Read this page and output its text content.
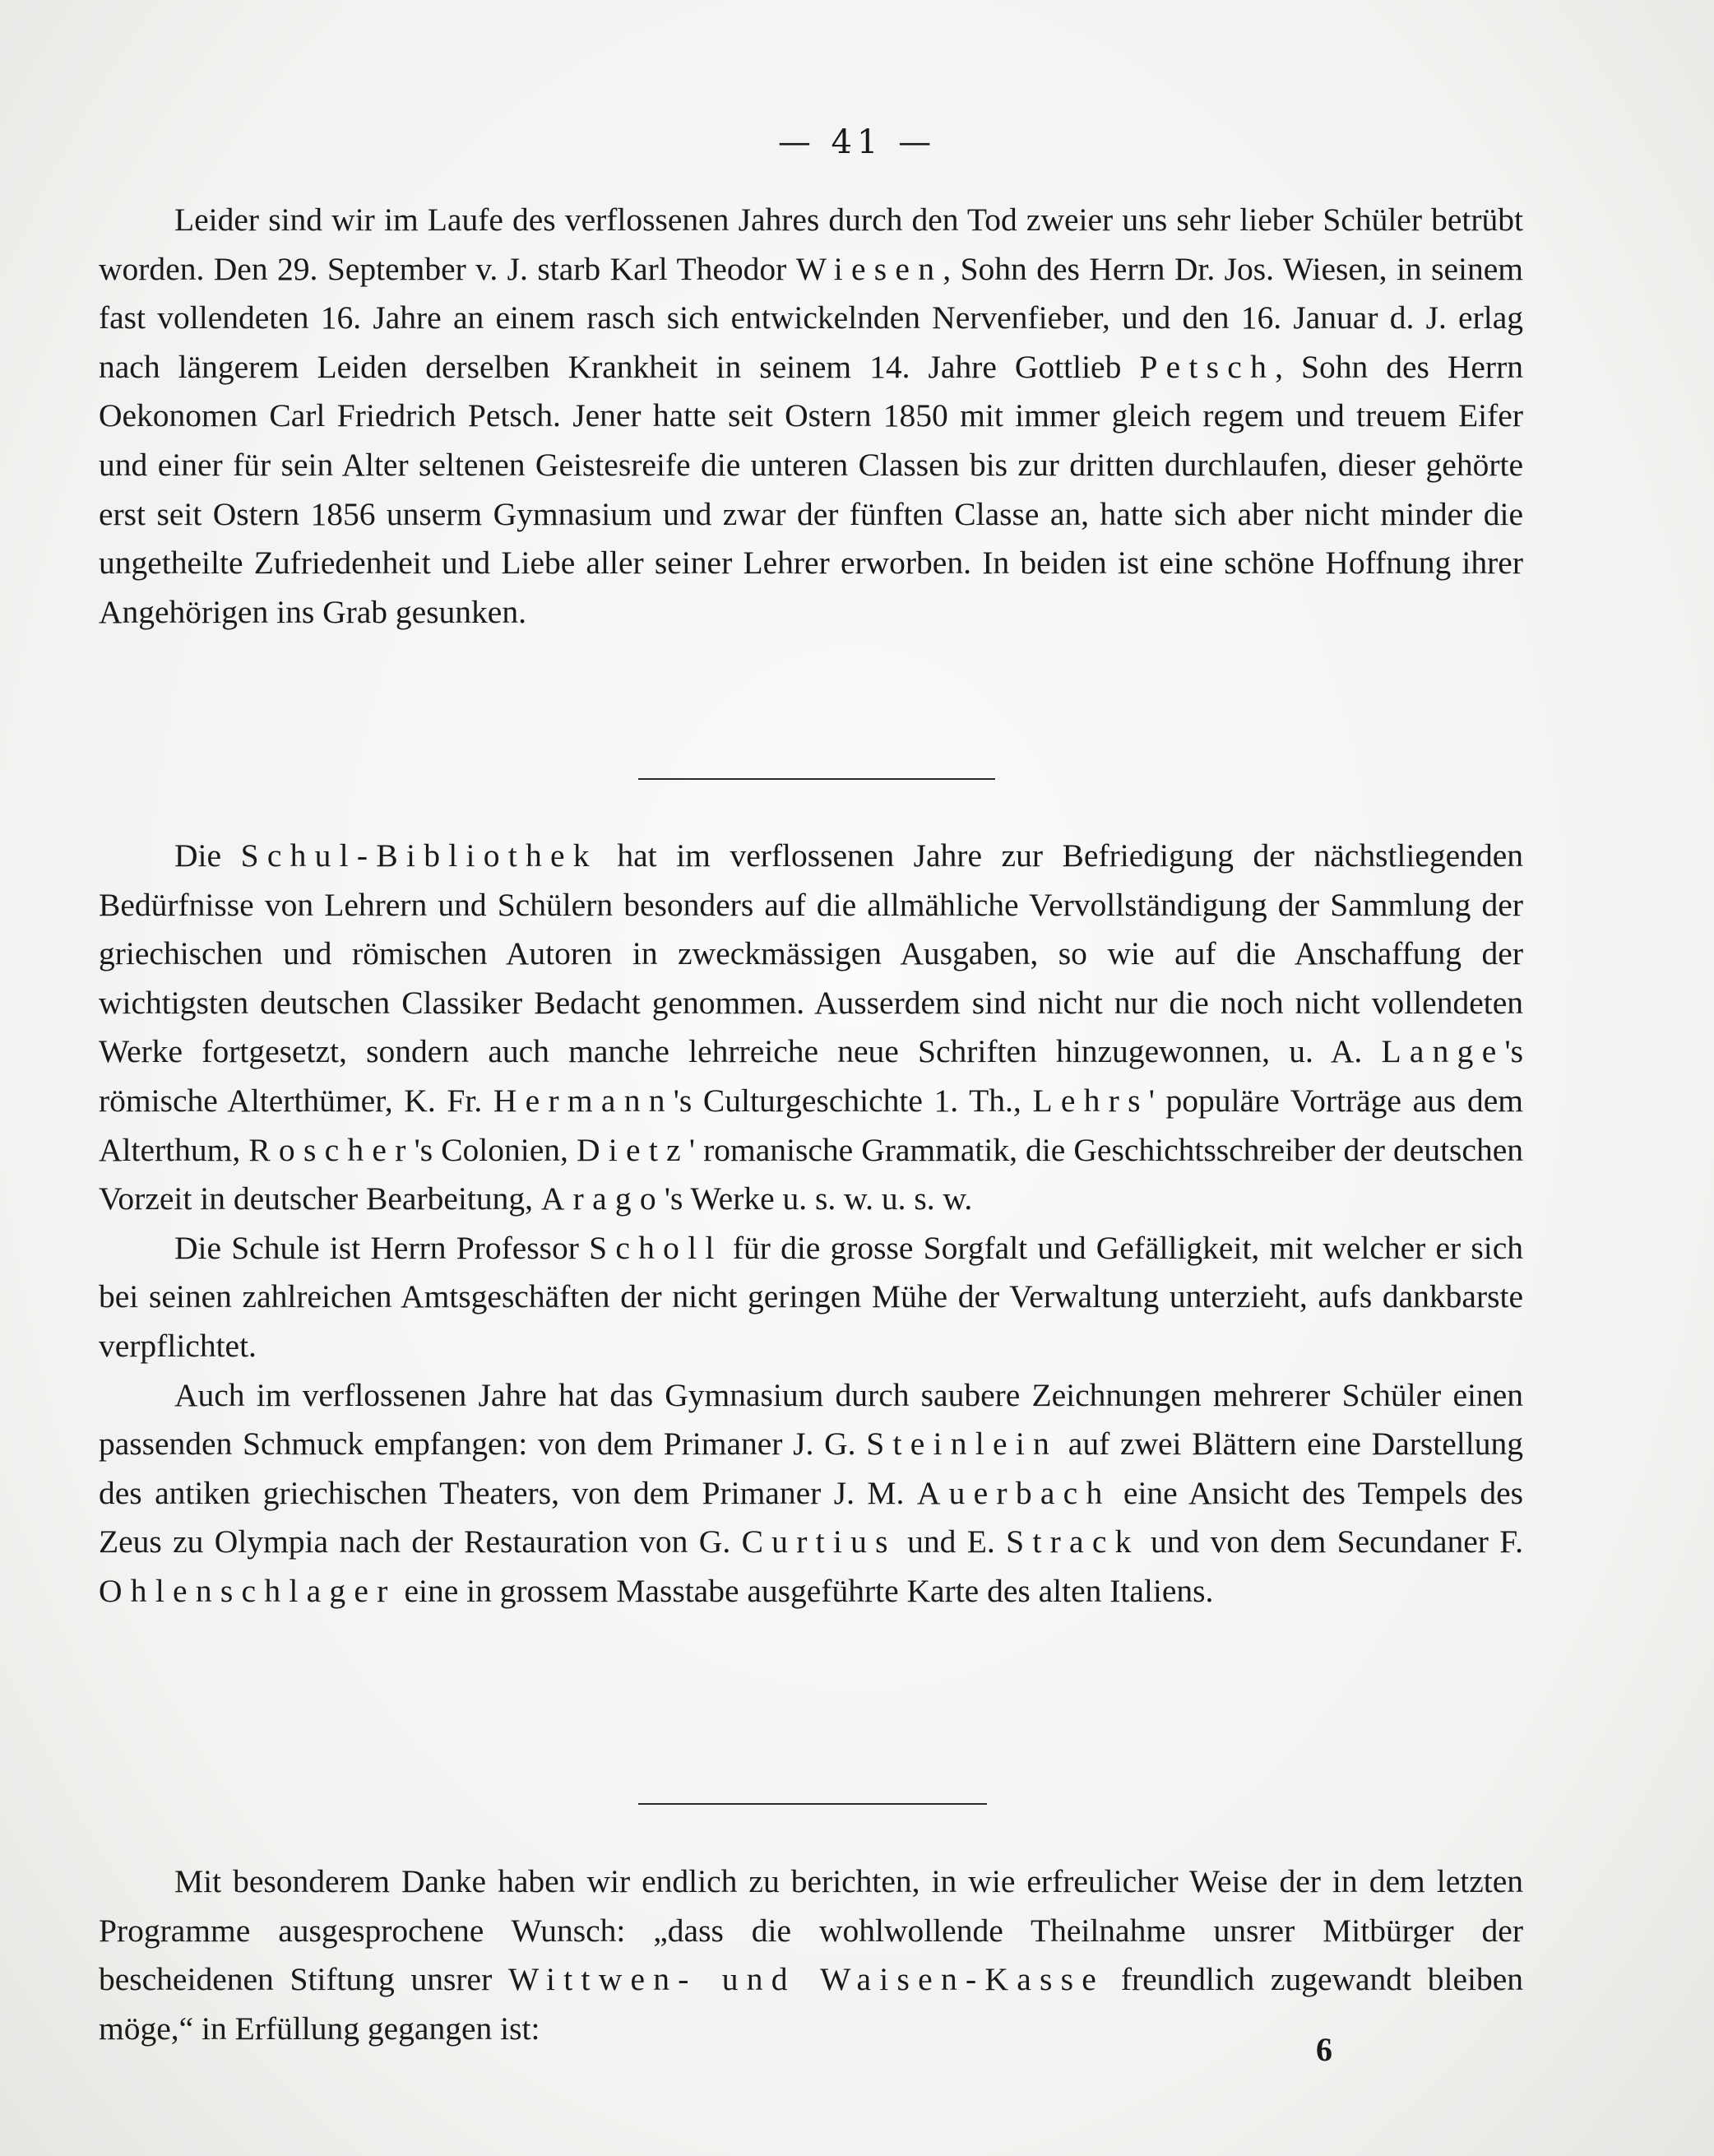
— 41 —

Leider sind wir im Laufe des verflossenen Jahres durch den Tod zweier uns sehr lieber Schüler betrübt worden. Den 29. September v. J. starb Karl Theodor Wiesen, Sohn des Herrn Dr. Jos. Wiesen, in seinem fast vollendeten 16. Jahre an einem rasch sich entwickelnden Nervenfieber, und den 16. Januar d. J. erlag nach längerem Leiden derselben Krankheit in seinem 14. Jahre Gottlieb Petsch, Sohn des Herrn Oekonomen Carl Friedrich Petsch. Jener hatte seit Ostern 1850 mit immer gleich regem und treuem Eifer und einer für sein Alter seltenen Geistesreife die unteren Classen bis zur dritten durchlaufen, dieser gehörte erst seit Ostern 1856 unserm Gymnasium und zwar der fünften Classe an, hatte sich aber nicht minder die ungetheilte Zufriedenheit und Liebe aller seiner Lehrer erworben. In beiden ist eine schöne Hoffnung ihrer Angehörigen ins Grab gesunken.

Die Schul-Bibliothek hat im verflossenen Jahre zur Befriedigung der nächstliegenden Bedürfnisse von Lehrern und Schülern besonders auf die allmähliche Vervollständigung der Sammlung der griechischen und römischen Autoren in zweckmässigen Ausgaben, so wie auf die Anschaffung der wichtigsten deutschen Classiker Bedacht genommen. Ausserdem sind nicht nur die noch nicht vollendeten Werke fortgesetzt, sondern auch manche lehrreiche neue Schriften hinzugewonnen, u. A. Lange's römische Alterthümer, K. Fr. Hermann's Culturgeschichte 1. Th., Lehrs' populäre Vorträge aus dem Alterthum, Roscher's Colonien, Dietz' romanische Grammatik, die Geschichtsschreiber der deutschen Vorzeit in deutscher Bearbeitung, Arago's Werke u. s. w. u. s. w.

Die Schule ist Herrn Professor Scholl für die grosse Sorgfalt und Gefälligkeit, mit welcher er sich bei seinen zahlreichen Amtsgeschäften der nicht geringen Mühe der Verwaltung unterzieht, aufs dankbarste verpflichtet.

Auch im verflossenen Jahre hat das Gymnasium durch saubere Zeichnungen mehrerer Schüler einen passenden Schmuck empfangen: von dem Primaner J. G. Steinlein auf zwei Blättern eine Darstellung des antiken griechischen Theaters, von dem Primaner J. M. Auerbach eine Ansicht des Tempels des Zeus zu Olympia nach der Restauration von G. Curtius und E. Strack und von dem Secundaner F. Ohlenschlager eine in grossem Masstabe ausgeführte Karte des alten Italiens.

Mit besonderem Danke haben wir endlich zu berichten, in wie erfreulicher Weise der in dem letzten Programme ausgesprochene Wunsch: „dass die wohlwollende Theilnahme unsrer Mitbürger der bescheidenen Stiftung unsrer Wittwen- und Waisen-Kasse freundlich zugewandt bleiben möge,“ in Erfüllung gegangen ist:

6
